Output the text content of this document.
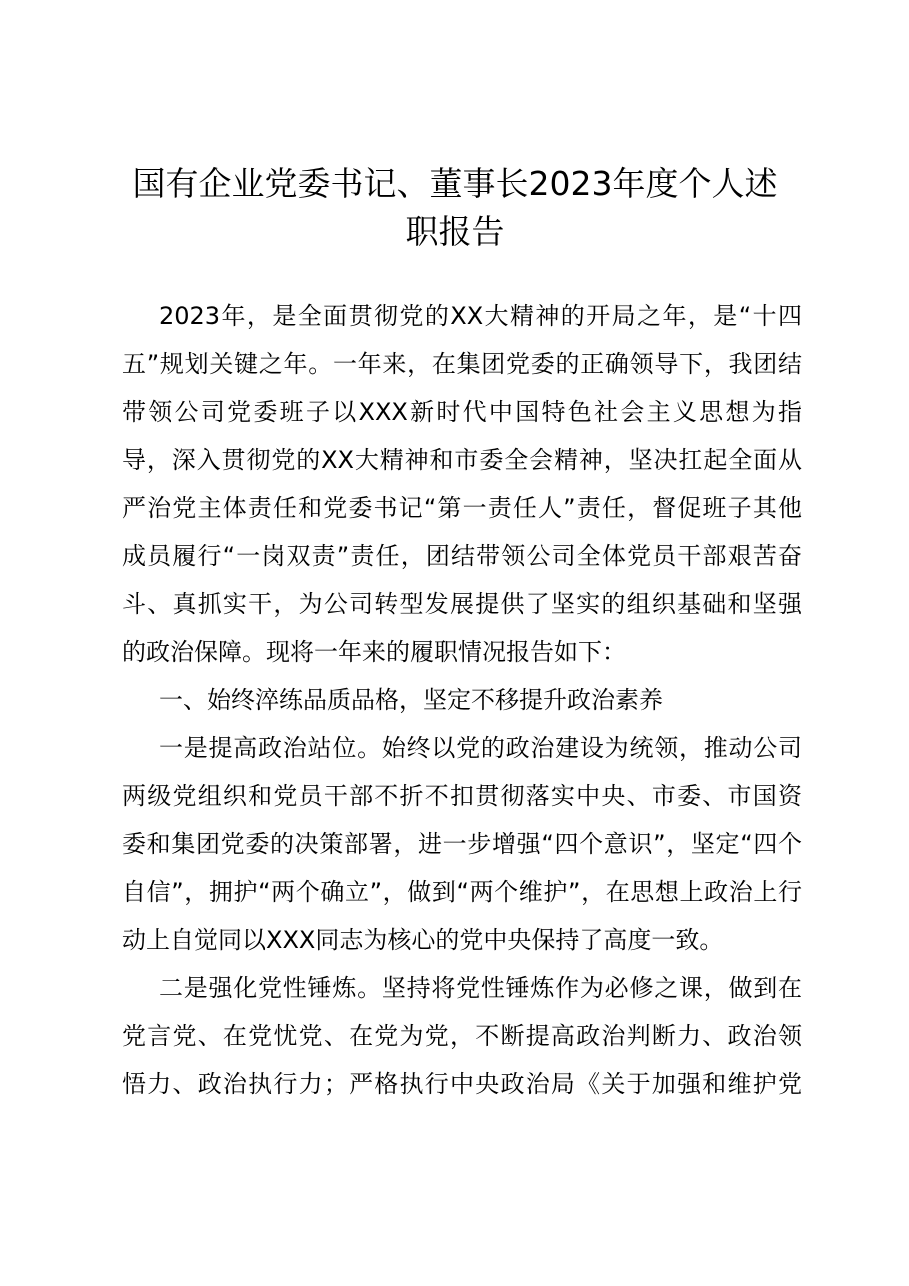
国有企业党委书记、董事长2023年度个人述
职报告
2023年，是全面贯彻党的XX大精神的开局之年，是“十四
五”规划关键之年。一年来，在集团党委的正确领导下，我团结
带领公司党委班子以XXX新时代中国特色社会主义思想为指
导，深入贯彻党的XX大精神和市委全会精神，坚决扛起全面从
严治党主体责任和党委书记“第一责任人”责任，督促班子其他
成员履行“一岗双责”责任，团结带领公司全体党员干部艰苦奋
斗、真抓实干，为公司转型发展提供了坚实的组织基础和坚强
的政治保障。现将一年来的履职情况报告如下：
一、始终淬练品质品格，坚定不移提升政治素养
一是提高政治站位。始终以党的政治建设为统领，推动公司
两级党组织和党员干部不折不扣贯彻落实中央、市委、市国资
委和集团党委的决策部署，进一步增强“四个意识”，坚定“四个
自信”，拥护“两个确立”，做到“两个维护”，在思想上政治上行
动上自觉同以XXX同志为核心的党中央保持了高度一致。
二是强化党性锤炼。坚持将党性锤炼作为必修之课，做到在
党言党、在党忧党、在党为党，不断提高政治判断力、政治领
悟力、政治执行力；严格执行中央政治局《关于加强和维护党
